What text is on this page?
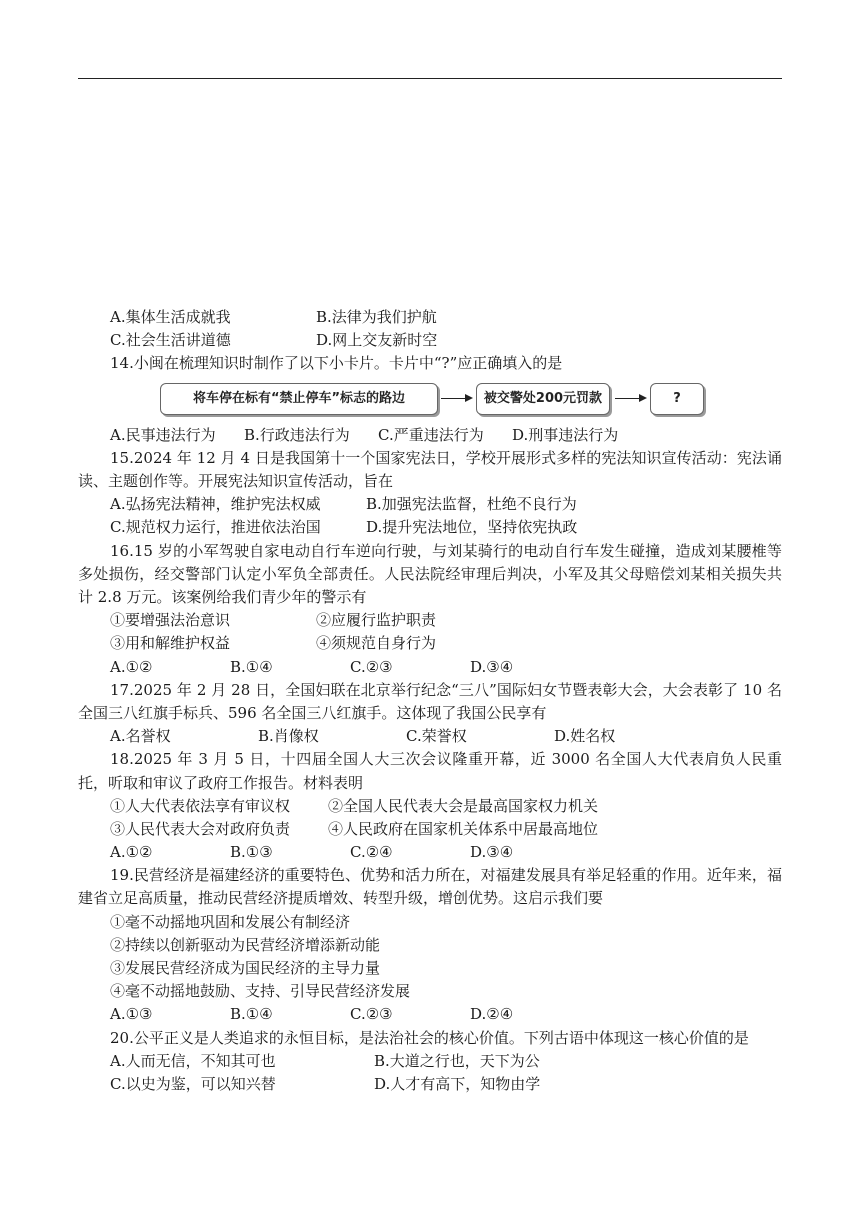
A.集体生活成就我	B.法律为我们护航
C.社会生活讲道德	D.网上交友新时空
14.小闽在梳理知识时制作了以下小卡片。卡片中“?”应正确填入的是
将车停在标有“禁止停车”标志的路边	被交警处200元罚款	?
A.民事违法行为 B.行政违法行为 C.严重违法行为 D.刑事违法行为
15.2024 年 12 月 4 日是我国第十一个国家宪法日，学校开展形式多样的宪法知识宣传活动：宪法诵读、主题创作等。开展宪法知识宣传活动，旨在
A.弘扬宪法精神，维护宪法权威	B.加强宪法监督，杜绝不良行为
C.规范权力运行，推进依法治国	D.提升宪法地位，坚持依宪执政
16.15 岁的小军驾驶自家电动自行车逆向行驶，与刘某骑行的电动自行车发生碰撞，造成刘某腰椎等多处损伤，经交警部门认定小军负全部责任。人民法院经审理后判决，小军及其父母赔偿刘某相关损失共计 2.8 万元。该案例给我们青少年的警示有
①要增强法治意识	②应履行监护职责
③用和解维护权益	④须规范自身行为
A.①②	B.①④	C.②③	D.③④
17.2025 年 2 月 28 日，全国妇联在北京举行纪念“三八”国际妇女节暨表彰大会，大会表彰了 10 名全国三八红旗手标兵、596 名全国三八红旗手。这体现了我国公民享有
A.名誉权	B.肖像权	C.荣誉权	D.姓名权
18.2025 年 3 月 5 日，十四届全国人大三次会议隆重开幕，近 3000 名全国人大代表肩负人民重托，听取和审议了政府工作报告。材料表明
①人大代表依法享有审议权	②全国人民代表大会是最高国家权力机关
③人民代表大会对政府负责	④人民政府在国家机关体系中居最高地位
A.①②	B.①③	C.②④	D.③④
19.民营经济是福建经济的重要特色、优势和活力所在，对福建发展具有举足轻重的作用。近年来，福建省立足高质量，推动民营经济提质增效、转型升级，增创优势。这启示我们要
①毫不动摇地巩固和发展公有制经济
②持续以创新驱动为民营经济增添新动能
③发展民营经济成为国民经济的主导力量
④毫不动摇地鼓励、支持、引导民营经济发展
A.①③	B.①④	C.②③	D.②④
20.公平正义是人类追求的永恒目标，是法治社会的核心价值。下列古语中体现这一核心价值的是
A.人而无信，不知其可也	B.大道之行也，天下为公
C.以史为鉴，可以知兴替	D.人才有高下，知物由学
